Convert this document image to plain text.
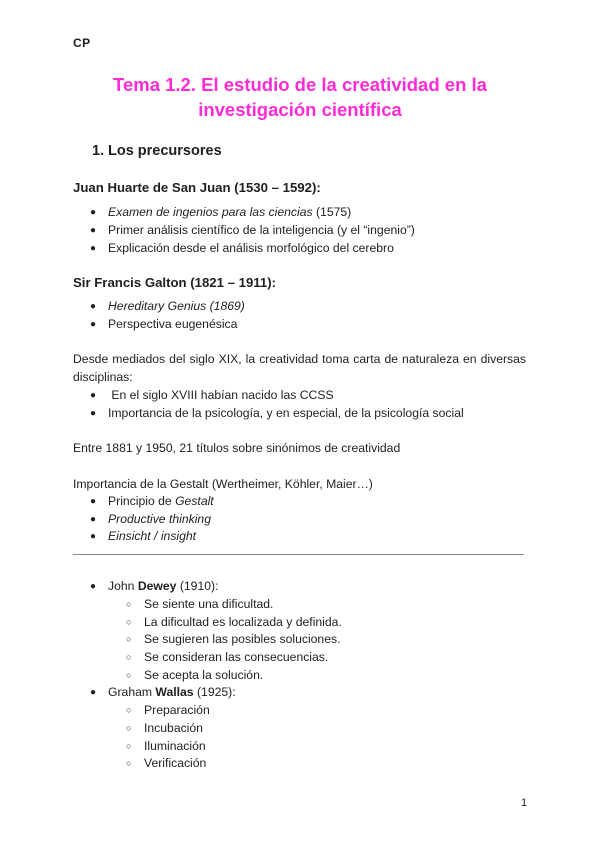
CP
Tema 1.2. El estudio de la creatividad en la
investigación científica
1. Los precursores
Juan Huarte de San Juan (1530 – 1592):
● Examen de ingenios para las ciencias (1575)
● Primer análisis científico de la inteligencia (y el “ingenio”)
● Explicación desde el análisis morfológico del cerebro
Sir Francis Galton (1821 – 1911):
● Hereditary Genius (1869)
● Perspectiva eugenésica
Desde mediados del siglo XIX, la creatividad toma carta de naturaleza en diversas disciplinas:
● En el siglo XVIII habían nacido las CCSS
● Importancia de la psicología, y en especial, de la psicología social
Entre 1881 y 1950, 21 títulos sobre sinónimos de creatividad
Importancia de la Gestalt (Wertheimer, Köhler, Maier…)
● Principio de Gestalt
● Productive thinking
● Einsicht / insight
● John Dewey (1910):
○ Se siente una dificultad.
○ La dificultad es localizada y definida.
○ Se sugieren las posibles soluciones.
○ Se consideran las consecuencias.
○ Se acepta la solución.
● Graham Wallas (1925):
○ Preparación
○ Incubación
○ Iluminación
○ Verificación
1
